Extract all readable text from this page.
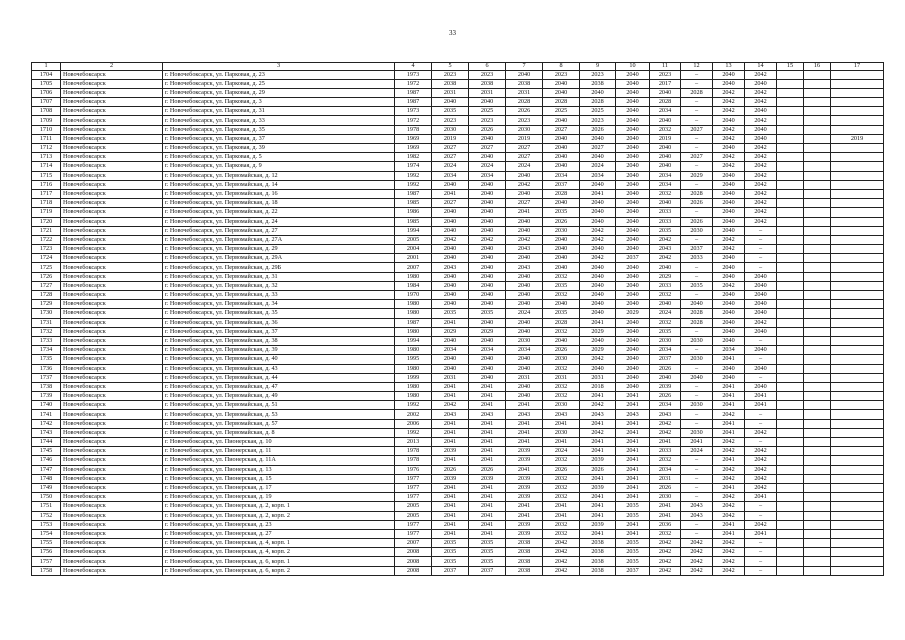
33
1	2	3	4	5	6	7	8	9	10	11	12	13	14	15	16	17
1704	Новочебоксарск	г. Новочебоксарск, ул. Парковая, д. 23	1973	2023	2023	2040	2023	2023	2040	2023	–	2040	2042			
1705	Новочебоксарск	г. Новочебоксарск, ул. Парковая, д. 25	1972	2038	2038	2038	2040	2038	2040	2017	–	2040	2040			
1706	Новочебоксарск	г. Новочебоксарск, ул. Парковая, д. 29	1987	2031	2031	2031	2040	2040	2040	2040	2028	2042	2042			
1707	Новочебоксарск	г. Новочебоксарск, ул. Парковая, д. 3	1987	2040	2040	2028	2028	2028	2040	2028	–	2042	2042			
1708	Новочебоксарск	г. Новочебоксарск, ул. Парковая, д. 31	1973	2035	2025	2026	2025	2025	2040	2034	–	2042	2040			
1709	Новочебоксарск	г. Новочебоксарск, ул. Парковая, д. 33	1972	2023	2023	2023	2040	2023	2040	2040	–	2040	2042			
1710	Новочебоксарск	г. Новочебоксарск, ул. Парковая, д. 35	1978	2030	2026	2030	2027	2026	2040	2032	2027	2042	2040			
1711	Новочебоксарск	г. Новочебоксарск, ул. Парковая, д. 37	1969	2019	2040	2019	2040	2040	2040	2019	–	2042	2040			2019
1712	Новочебоксарск	г. Новочебоксарск, ул. Парковая, д. 39	1969	2027	2027	2027	2040	2027	2040	2040	–	2040	2042			
1713	Новочебоксарск	г. Новочебоксарск, ул. Парковая, д. 5	1982	2027	2040	2027	2040	2040	2040	2040	2027	2042	2042			
1714	Новочебоксарск	г. Новочебоксарск, ул. Парковая, д. 9	1974	2024	2024	2024	2040	2024	2040	2040	–	2042	2042			
1715	Новочебоксарск	г. Новочебоксарск, ул. Первомайская, д. 12	1992	2034	2034	2040	2034	2034	2040	2034	2029	2040	2042			
1716	Новочебоксарск	г. Новочебоксарск, ул. Первомайская, д. 14	1992	2040	2040	2042	2037	2040	2040	2034	–	2040	2042			
1717	Новочебоксарск	г. Новочебоксарск, ул. Первомайская, д. 16	1987	2041	2040	2040	2028	2041	2040	2032	2028	2040	2042			
1718	Новочебоксарск	г. Новочебоксарск, ул. Первомайская, д. 18	1985	2027	2040	2027	2040	2040	2040	2040	2026	2040	2042			
1719	Новочебоксарск	г. Новочебоксарск, ул. Первомайская, д. 22	1986	2040	2040	2041	2035	2040	2040	2033	–	2040	2042			
1720	Новочебоксарск	г. Новочебоксарск, ул. Первомайская, д. 24	1985	2040	2040	2040	2026	2040	2040	2033	2026	2040	2042			
1721	Новочебоксарск	г. Новочебоксарск, ул. Первомайская, д. 27	1994	2040	2040	2040	2030	2042	2040	2035	2030	2040	–			
1722	Новочебоксарск	г. Новочебоксарск, ул. Первомайская, д. 27А	2005	2042	2042	2042	2040	2042	2040	2042	–	2042	–			
1723	Новочебоксарск	г. Новочебоксарск, ул. Первомайская, д. 29	2004	2040	2040	2043	2040	2040	2040	2043	2037	2042	–			
1724	Новочебоксарск	г. Новочебоксарск, ул. Первомайская, д. 29А	2001	2040	2040	2040	2040	2042	2037	2042	2033	2040	–			
1725	Новочебоксарск	г. Новочебоксарск, ул. Первомайская, д. 29Б	2007	2043	2040	2043	2040	2040	2040	2040	–	2040	–			
1726	Новочебоксарск	г. Новочебоксарск, ул. Первомайская, д. 31	1980	2040	2040	2040	2032	2040	2040	2029	–	2040	2040			
1727	Новочебоксарск	г. Новочебоксарск, ул. Первомайская, д. 32	1984	2040	2040	2040	2035	2040	2040	2033	2035	2042	2040			
1728	Новочебоксарск	г. Новочебоксарск, ул. Первомайская, д. 33	1970	2040	2040	2040	2032	2040	2040	2032	–	2040	2040			
1729	Новочебоксарск	г. Новочебоксарск, ул. Первомайская, д. 34	1980	2040	2040	2040	2040	2040	2040	2040	2040	2040	2040			
1730	Новочебоксарск	г. Новочебоксарск, ул. Первомайская, д. 35	1980	2035	2035	2024	2035	2040	2029	2024	2028	2040	2040			
1731	Новочебоксарск	г. Новочебоксарск, ул. Первомайская, д. 36	1987	2041	2040	2040	2028	2041	2040	2032	2028	2040	2042			
1732	Новочебоксарск	г. Новочебоксарск, ул. Первомайская, д. 37	1980	2029	2029	2040	2032	2029	2040	2035	–	2040	2040			
1733	Новочебоксарск	г. Новочебоксарск, ул. Первомайская, д. 38	1994	2040	2040	2030	2040	2040	2040	2030	2030	2040	–			
1734	Новочебоксарск	г. Новочебоксарск, ул. Первомайская, д. 39	1980	2034	2034	2034	2026	2029	2040	2034	–	2034	2040			
1735	Новочебоксарск	г. Новочебоксарск, ул. Первомайская, д. 40	1995	2040	2040	2040	2030	2042	2040	2037	2030	2041	–			
1736	Новочебоксарск	г. Новочебоксарск, ул. Первомайская, д. 43	1980	2040	2040	2040	2032	2040	2040	2026	–	2040	2040			
1737	Новочебоксарск	г. Новочебоксарск, ул. Первомайская, д. 44	1999	2031	2040	2031	2031	2031	2040	2040	2040	2040	–			
1738	Новочебоксарск	г. Новочебоксарск, ул. Первомайская, д. 47	1980	2041	2041	2040	2032	2018	2040	2039	–	2041	2040			
1739	Новочебоксарск	г. Новочебоксарск, ул. Первомайская, д. 49	1980	2041	2041	2040	2032	2041	2041	2026	–	2041	2041			
1740	Новочебоксарск	г. Новочебоксарск, ул. Первомайская, д. 51	1992	2042	2041	2041	2030	2042	2041	2034	2030	2041	2041			
1741	Новочебоксарск	г. Новочебоксарск, ул. Первомайская, д. 53	2002	2043	2043	2043	2043	2043	2043	2043	–	2042	–			
1742	Новочебоксарск	г. Новочебоксарск, ул. Первомайская, д. 57	2006	2041	2041	2041	2041	2041	2041	2042	–	2041	–			
1743	Новочебоксарск	г. Новочебоксарск, ул. Первомайская, д. 8	1992	2041	2041	2041	2030	2042	2041	2042	2030	2041	2042			
1744	Новочебоксарск	г. Новочебоксарск, ул. Пионерская, д. 10	2013	2041	2041	2041	2041	2041	2041	2041	2041	2042	–			
1745	Новочебоксарск	г. Новочебоксарск, ул. Пионерская, д. 11	1978	2039	2041	2039	2024	2041	2041	2033	2024	2042	2042			
1746	Новочебоксарск	г. Новочебоксарск, ул. Пионерская, д. 11А	1978	2041	2041	2039	2032	2039	2041	2032	–	2041	2042			
1747	Новочебоксарск	г. Новочебоксарск, ул. Пионерская, д. 13	1976	2026	2026	2041	2026	2026	2041	2034	–	2042	2042			
1748	Новочебоксарск	г. Новочебоксарск, ул. Пионерская, д. 15	1977	2039	2039	2039	2032	2041	2041	2031	–	2042	2042			
1749	Новочебоксарск	г. Новочебоксарск, ул. Пионерская, д. 17	1977	2041	2041	2039	2032	2039	2041	2026	–	2041	2042			
1750	Новочебоксарск	г. Новочебоксарск, ул. Пионерская, д. 19	1977	2041	2041	2039	2032	2041	2041	2030	–	2042	2041			
1751	Новочебоксарск	г. Новочебоксарск, ул. Пионерская, д. 2, корп. 1	2005	2041	2041	2041	2041	2041	2035	2041	2043	2042	–			
1752	Новочебоксарск	г. Новочебоксарск, ул. Пионерская, д. 2, корп. 2	2005	2041	2041	2041	2041	2041	2035	2041	2043	2042	–			
1753	Новочебоксарск	г. Новочебоксарск, ул. Пионерская, д. 23	1977	2041	2041	2039	2032	2039	2041	2036	–	2041	2042			
1754	Новочебоксарск	г. Новочебоксарск, ул. Пионерская, д. 27	1977	2041	2041	2039	2032	2041	2041	2032	–	2041	2041			
1755	Новочебоксарск	г. Новочебоксарск, ул. Пионерская, д. 4, корп. 1	2007	2035	2035	2038	2042	2038	2035	2042	2042	2042	–			
1756	Новочебоксарск	г. Новочебоксарск, ул. Пионерская, д. 4, корп. 2	2008	2035	2035	2038	2042	2038	2035	2042	2042	2042	–			
1757	Новочебоксарск	г. Новочебоксарск, ул. Пионерская, д. 6, корп. 1	2008	2035	2035	2038	2042	2038	2035	2042	2042	2042	–			
1758	Новочебоксарск	г. Новочебоксарск, ул. Пионерская, д. 6, корп. 2	2008	2037	2037	2038	2042	2038	2037	2042	2042	2042	–			
